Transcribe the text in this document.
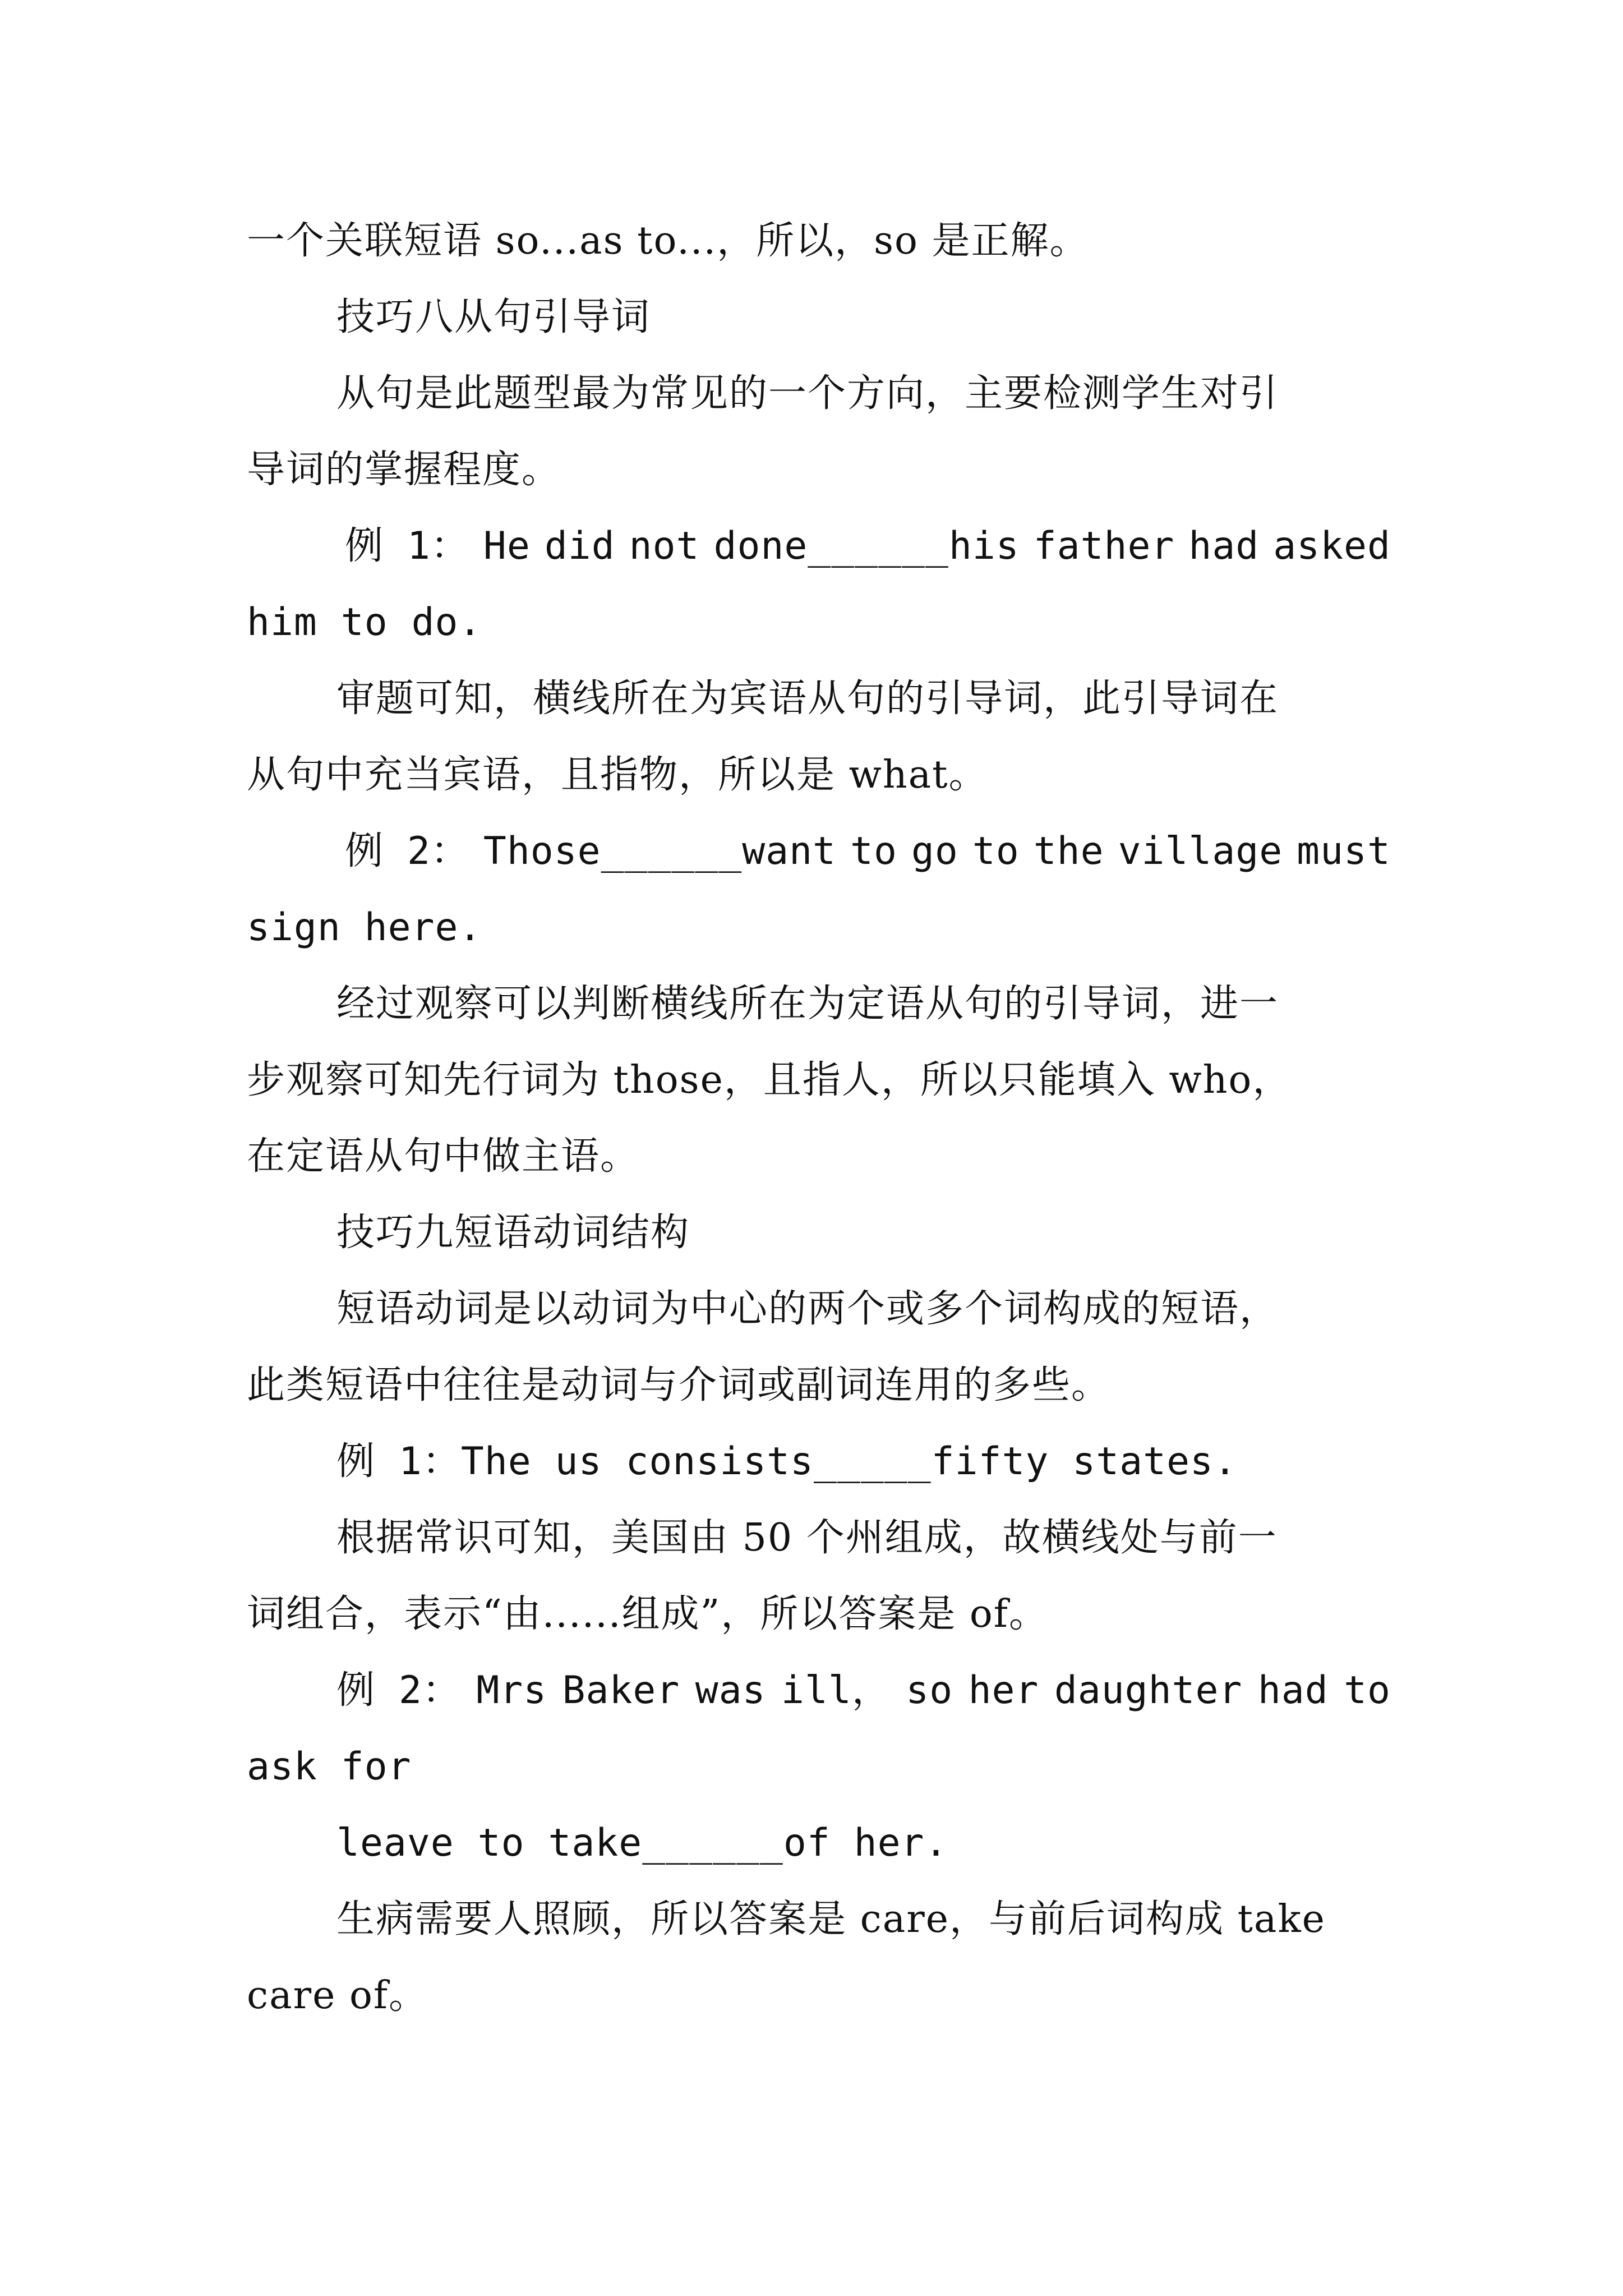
一个关联短语 so...as to...，所以，so 是正解。
技巧八从句引导词
从句是此题型最为常见的一个方向，主要检测学生对引
导词的掌握程度。
例 1： He did not done______his father had asked
him to do.
审题可知，横线所在为宾语从句的引导词，此引导词在
从句中充当宾语，且指物，所以是 what。
例 2： Those______want to go to the village must
sign here.
经过观察可以判断横线所在为定语从句的引导词，进一
步观察可知先行词为 those，且指人，所以只能填入 who，
在定语从句中做主语。
技巧九短语动词结构
短语动词是以动词为中心的两个或多个词构成的短语，
此类短语中往往是动词与介词或副词连用的多些。
例 1：The us consists_____fifty states.
根据常识可知，美国由 50 个州组成，故横线处与前一
词组合，表示“由......组成”，所以答案是 of。
例 2： Mrs Baker was ill， so her daughter had to
ask for
leave to take______of her.
生病需要人照顾，所以答案是 care，与前后词构成 take
care of。
